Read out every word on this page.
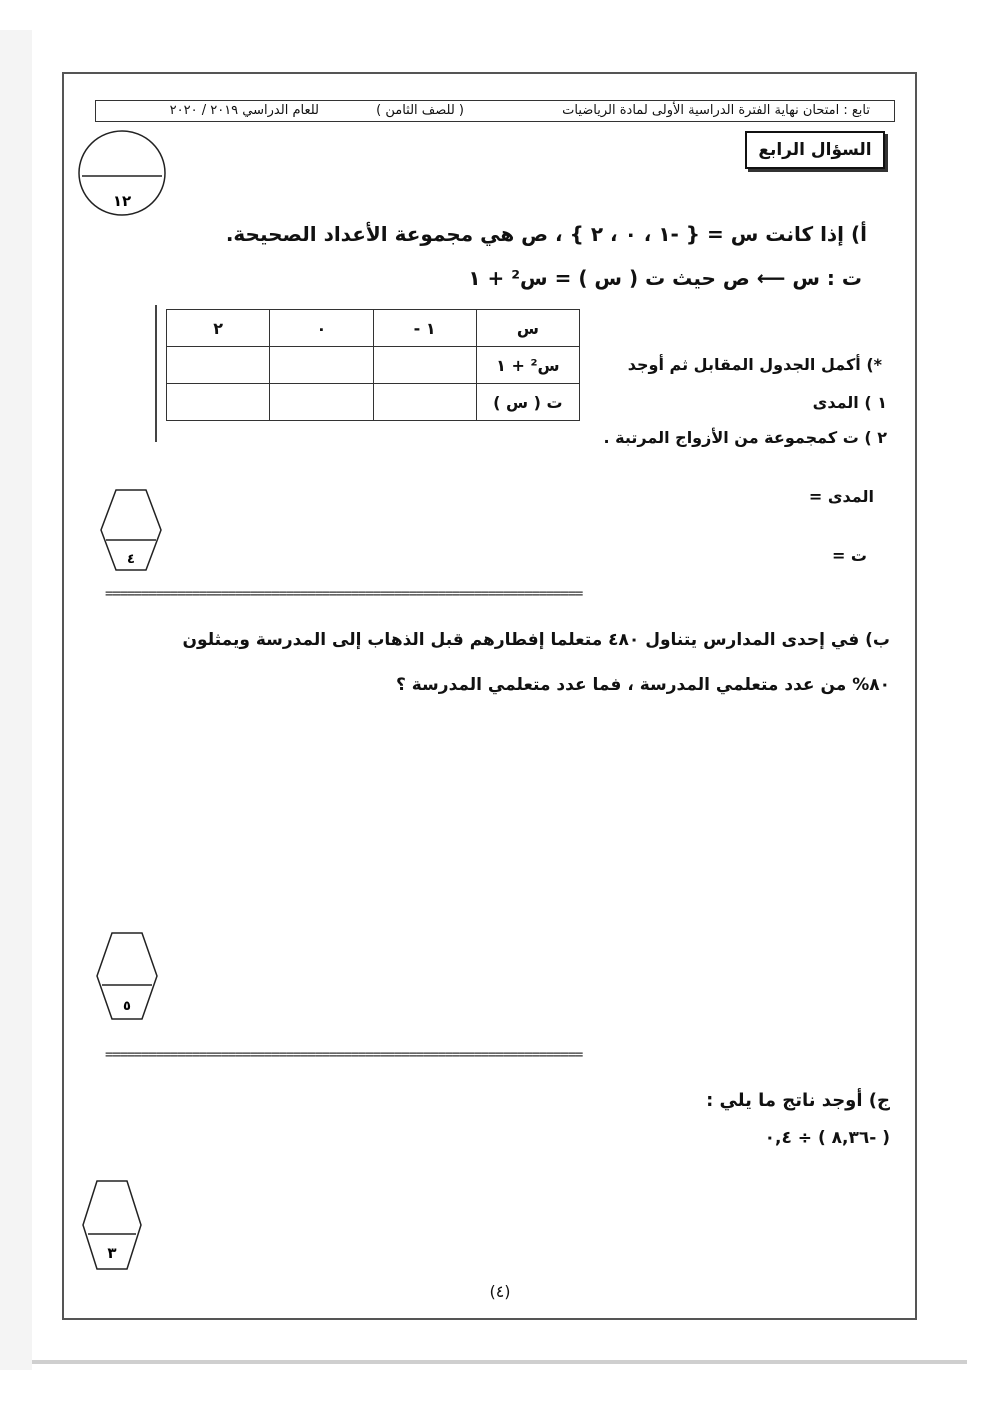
تابع : امتحان نهاية الفترة الدراسية الأولى لمادة الرياضيات
( للصف الثامن )
للعام الدراسي ٢٠١٩ / ٢٠٢٠
السؤال الرابع
١٢
أ) إذا كانت س = { -١ ، ٠ ، ٢ } ، ص هي مجموعة الأعداد الصحيحة.
ت : س ⟵ ص حيث ت ( س ) = س² + ١
س	١ -	٠	٢
س² + ١			
ت ( س )			
*) أكمل الجدول المقابل ثم أوجد
١ ) المدى
٢ ) ت كمجموعة من الأزواج المرتبة .
المدى =
ت =
٤
==================================================================
ب) في إحدى المدارس يتناول ٤٨٠ متعلما إفطارهم قبل الذهاب إلى المدرسة ويمثلون
٨٠% من عدد متعلمي المدرسة ، فما عدد متعلمي المدرسة ؟
٥
==================================================================
ج) أوجد ناتج ما يلي :
( -٨,٣٦ ) ÷ ٠,٤
٣
(٤)
